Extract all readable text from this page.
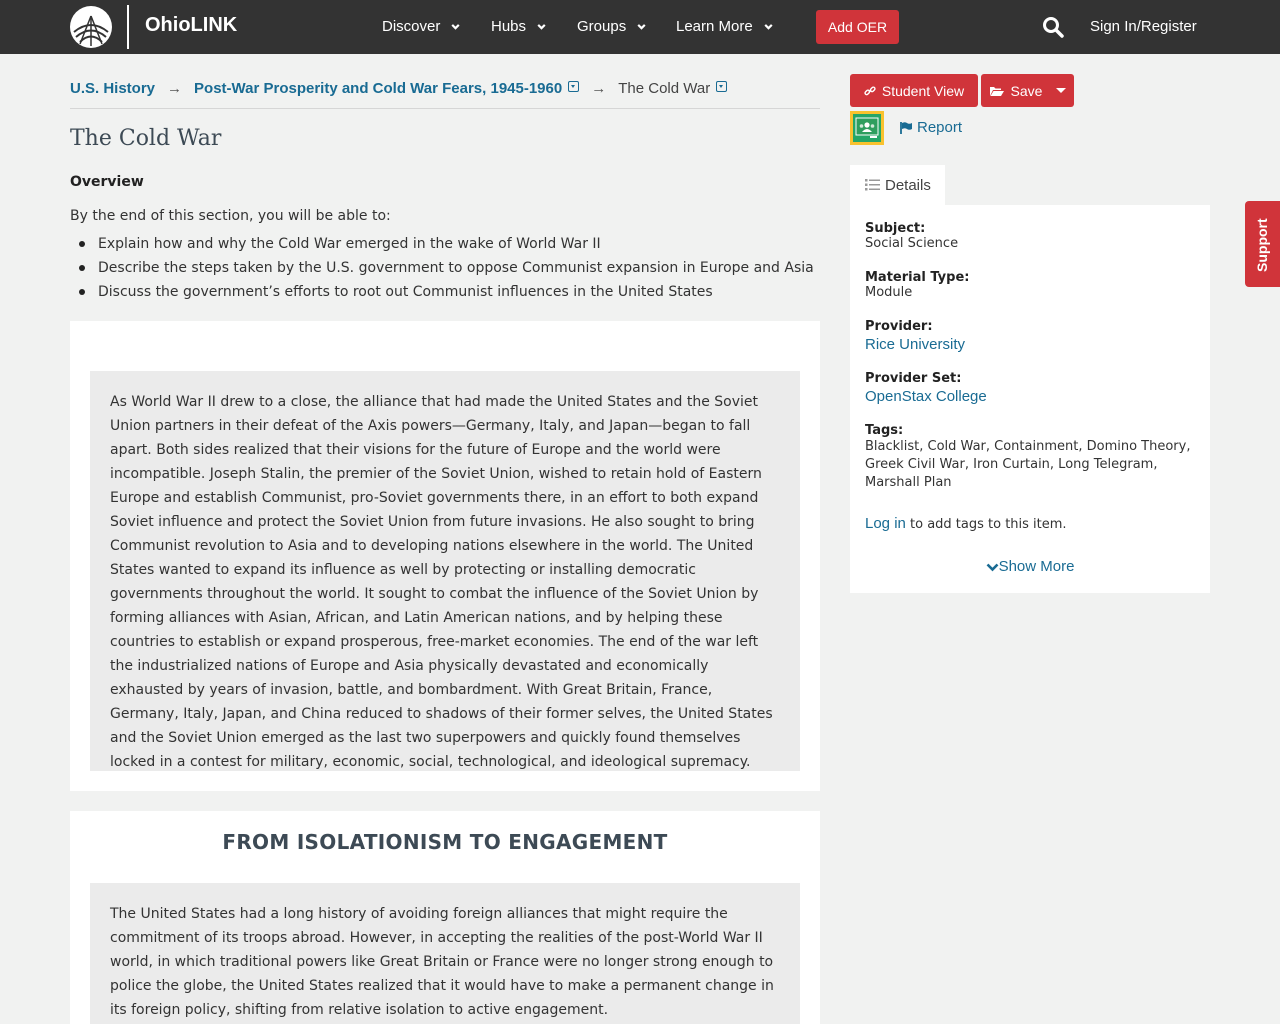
OhioLINK	Discover	Hubs	Groups	Learn More	Add OER	Sign In/Register
U.S. History → Post-War Prosperity and Cold War Fears, 1945-1960 → The Cold War
The Cold War
Overview
By the end of this section, you will be able to:
Explain how and why the Cold War emerged in the wake of World War II
Describe the steps taken by the U.S. government to oppose Communist expansion in Europe and Asia
Discuss the government’s efforts to root out Communist influences in the United States
As World War II drew to a close, the alliance that had made the United States and the Soviet Union partners in their defeat of the Axis powers—Germany, Italy, and Japan—began to fall apart. Both sides realized that their visions for the future of Europe and the world were incompatible. Joseph Stalin, the premier of the Soviet Union, wished to retain hold of Eastern Europe and establish Communist, pro-Soviet governments there, in an effort to both expand Soviet influence and protect the Soviet Union from future invasions. He also sought to bring Communist revolution to Asia and to developing nations elsewhere in the world. The United States wanted to expand its influence as well by protecting or installing democratic governments throughout the world. It sought to combat the influence of the Soviet Union by forming alliances with Asian, African, and Latin American nations, and by helping these countries to establish or expand prosperous, free-market economies. The end of the war left the industrialized nations of Europe and Asia physically devastated and economically exhausted by years of invasion, battle, and bombardment. With Great Britain, France, Germany, Italy, Japan, and China reduced to shadows of their former selves, the United States and the Soviet Union emerged as the last two superpowers and quickly found themselves locked in a contest for military, economic, social, technological, and ideological supremacy.
FROM ISOLATIONISM TO ENGAGEMENT
The United States had a long history of avoiding foreign alliances that might require the commitment of its troops abroad. However, in accepting the realities of the post-World War II world, in which traditional powers like Great Britain or France were no longer strong enough to police the globe, the United States realized that it would have to make a permanent change in its foreign policy, shifting from relative isolation to active engagement.
Student View	Save
Report
Details
Subject:
Social Science
Material Type:
Module
Provider:
Rice University
Provider Set:
OpenStax College
Tags:
Blacklist, Cold War, Containment, Domino Theory, Greek Civil War, Iron Curtain, Long Telegram, Marshall Plan
Log in to add tags to this item.
Show More
Support
